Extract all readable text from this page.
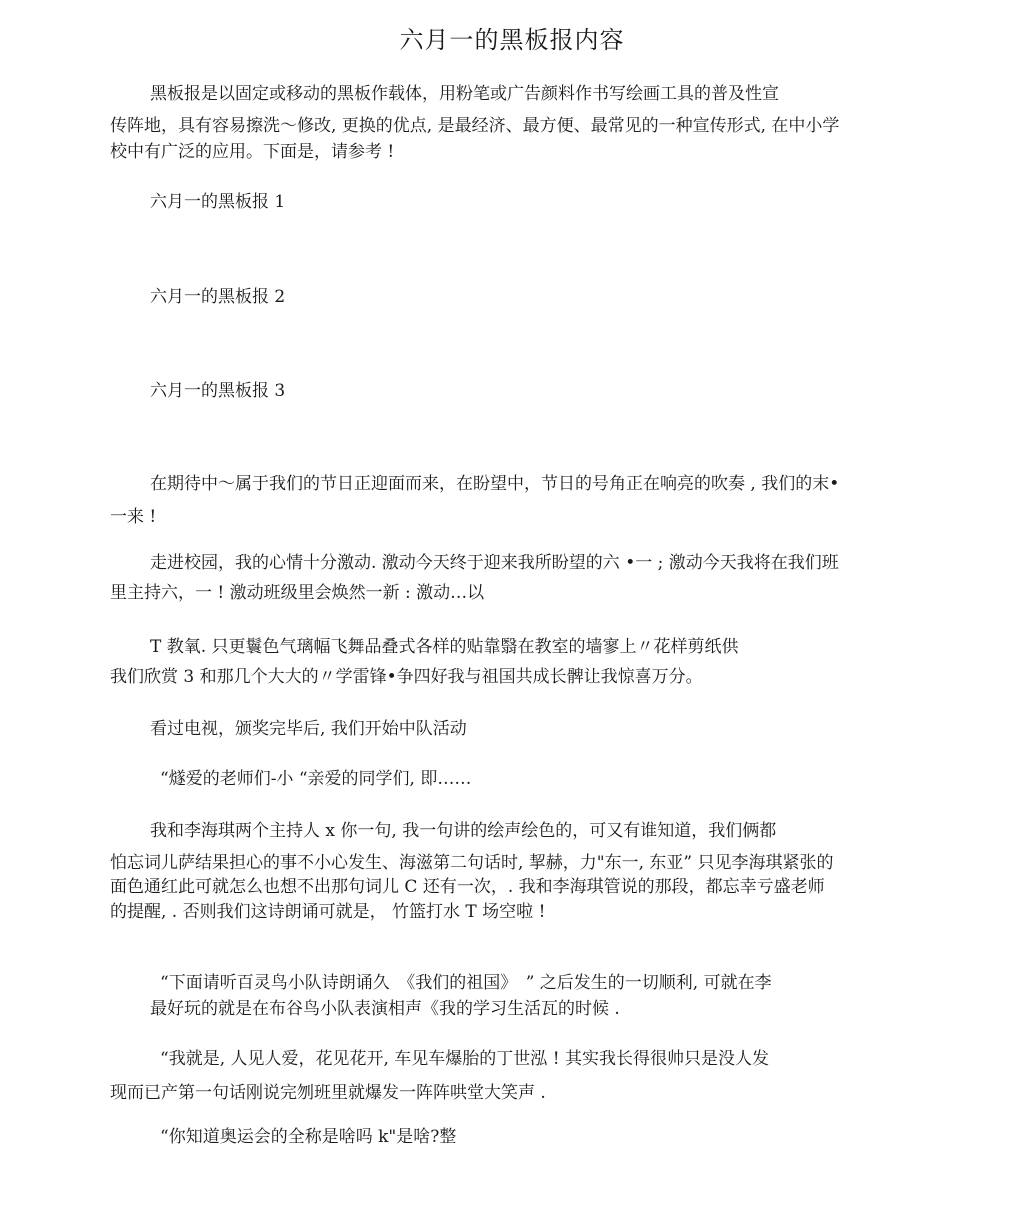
六月一的黑板报内容
黑板报是以固定或移动的黑板作载体，用粉笔或广告颜料作书写绘画工具的普及性宣
传阵地，具有容易擦洗～修改, 更换的优点, 是最经济、最方便、最常见的一种宣传形式, 在中小学
校中有广泛的应用。下面是，请参考 !
六月一的黑板报 1
六月一的黑板报 2
六月一的黑板报 3
在期待中～属于我们的节日正迎面而来，在盼望中，节日的号角正在响亮的吹奏 , 我们的末•
一来 !
走进校园，我的心情十分激动. 激动今天终于迎来我所盼望的六 •一 ; 激动今天我将在我们班
里主持六，一 ! 激动班级里会焕然一新 : 激动…以
T 教氧. 只更鬟色气璃幅飞舞品叠式各样的贴靠翳在教室的墙寥上〃花样剪纸供
我们欣赏 3 和那几个大大的〃学雷锋•争四好我与祖国共成长髀让我惊喜万分。
看过电视，颁奖完毕后, 我们开始中队活动
“燧爱的老师们-小 “亲爱的同学们, 即……
我和李海琪两个主持人 x 你一句, 我一句讲的绘声绘色的，可又有谁知道，我们俩都
怕忘词儿萨结果担心的事不小心发生、海滋第二句话时, 挈赫，力"东一, 东亚” 只见李海琪紧张的
面色通红此可就怎么也想不出那句词儿 C 还有一次，. 我和李海琪管说的那段，都忘幸亏盛老师
的提醒, . 否则我们这诗朗诵可就是， 竹篮打水 T 场空啦 !
“下面请听百灵鸟小队诗朗诵久　《我们的祖国》　” 之后发生的一切顺利, 可就在李
最好玩的就是在布谷鸟小队表演相声《我的学习生活瓦的时候 .
“我就是, 人见人爱，花见花开, 车见车爆胎的丁世泓 ! 其实我长得很帅只是没人发
现而已产第一句话刚说完刎班里就爆发一阵阵哄堂大笑声 .
“你知道奥运会的全称是啥吗 k"是啥?整
